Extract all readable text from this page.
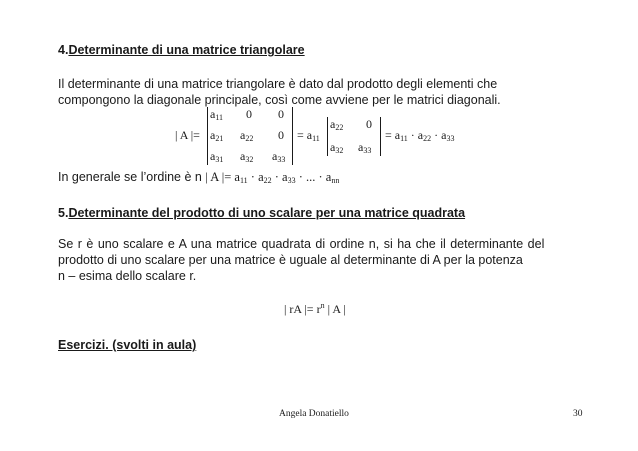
4.Determinante di una matrice triangolare
Il determinante di una matrice triangolare è dato dal prodotto degli elementi che
compongono la diagonale principale, così come avviene per le matrici diagonali.
| A |=
$a_{11}$ 0 0
$a_{21}$ $a_{22}$ 0
$a_{31}$ $a_{32}$ $a_{33}$
= $a_{11}$
$a_{22}$ 0
$a_{32}$ $a_{33}$
= $a_{11} \cdot a_{22} \cdot a_{33}$
In generale se l’ordine è n | A |= $a_{11} \cdot a_{22} \cdot a_{33}$ · ... · $a_{nn}$
5.Determinante del prodotto di uno scalare per una matrice quadrata
Se r è uno scalare e A una matrice quadrata di ordine n, si ha che il determinante del
prodotto di uno scalare per una matrice è uguale al determinante di A per la potenza
n – esima dello scalare r.
| rA |= $r^n$ | A |
Esercizi. (svolti in aula)
Angela Donatiello	30
